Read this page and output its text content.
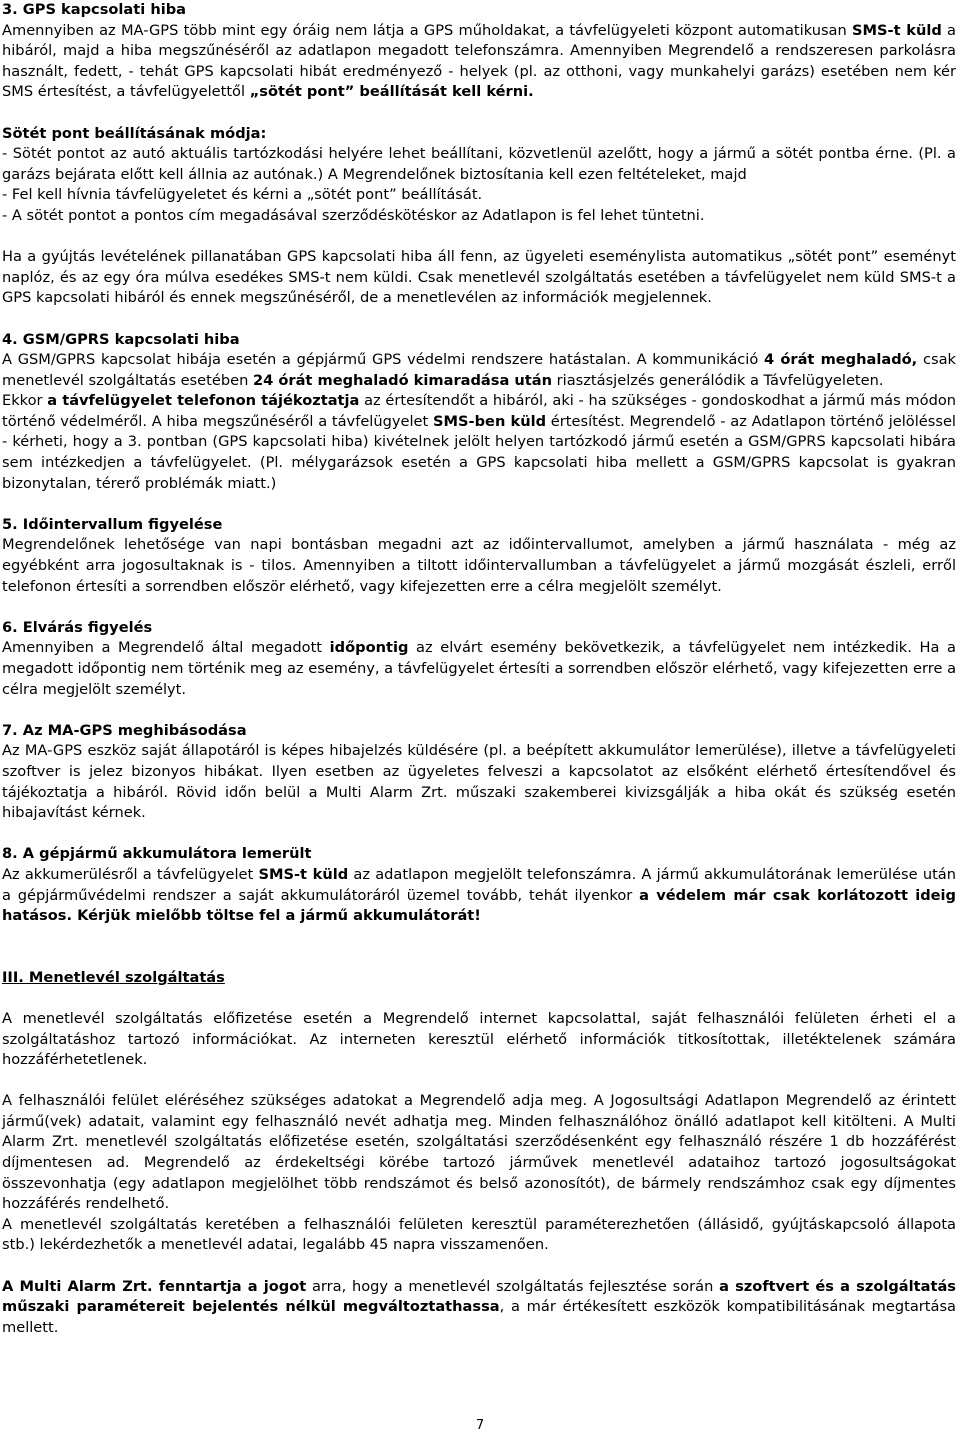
3. GPS kapcsolati hiba

Amennyiben az MA-GPS több mint egy óráig nem látja a GPS műholdakat, a távfelügyeleti központ automatikusan SMS-t küld a hibáról, majd a hiba megszűnéséről az adatlapon megadott telefonszámra. Amennyiben Megrendelő a rendszeresen parkolásra használt, fedett, - tehát GPS kapcsolati hibát eredményező - helyek (pl. az otthoni, vagy munkahelyi garázs) esetében nem kér SMS értesítést, a távfelügyelettől „sötét pont” beállítását kell kérni.

Sötét pont beállításának módja:

- Sötét pontot az autó aktuális tartózkodási helyére lehet beállítani, közvetlenül azelőtt, hogy a jármű a sötét pontba érne. (Pl. a garázs bejárata előtt kell állnia az autónak.) A Megrendelőnek biztosítania kell ezen feltételeket, majd

- Fel kell hívnia távfelügyeletet és kérni a „sötét pont” beállítását.

- A sötét pontot a pontos cím megadásával szerződéskötéskor az Adatlapon is fel lehet tüntetni.

Ha a gyújtás levételének pillanatában GPS kapcsolati hiba áll fenn, az ügyeleti eseménylista automatikus „sötét pont” eseményt naplóz, és az egy óra múlva esedékes SMS-t nem küldi. Csak menetlevél szolgáltatás esetében a távfelügyelet nem küld SMS-t a GPS kapcsolati hibáról és ennek megszűnéséről, de a menetlevélen az információk megjelennek.

4. GSM/GPRS kapcsolati hiba

A GSM/GPRS kapcsolat hibája esetén a gépjármű GPS védelmi rendszere hatástalan. A kommunikáció 4 órát meghaladó, csak menetlevél szolgáltatás esetében 24 órát meghaladó kimaradása után riasztásjelzés generálódik a Távfelügyeleten.

Ekkor a távfelügyelet telefonon tájékoztatja az értesítendőt a hibáról, aki - ha szükséges - gondoskodhat a jármű más módon történő védelméről. A hiba megszűnéséről a távfelügyelet SMS-ben küld értesítést. Megrendelő - az Adatlapon történő jelöléssel - kérheti, hogy a 3. pontban (GPS kapcsolati hiba) kivételnek jelölt helyen tartózkodó jármű esetén a GSM/GPRS kapcsolati hibára sem intézkedjen a távfelügyelet. (Pl. mélygarázsok esetén a GPS kapcsolati hiba mellett a GSM/GPRS kapcsolat is gyakran bizonytalan, térerő problémák miatt.)

5. Időintervallum figyelése

Megrendelőnek lehetősége van napi bontásban megadni azt az időintervallumot, amelyben a jármű használata - még az egyébként arra jogosultaknak is - tilos. Amennyiben a tiltott időintervallumban a távfelügyelet a jármű mozgását észleli, erről telefonon értesíti a sorrendben először elérhető, vagy kifejezetten erre a célra megjelölt személyt.

6. Elvárás figyelés

Amennyiben a Megrendelő által megadott időpontig az elvárt esemény bekövetkezik, a távfelügyelet nem intézkedik. Ha a megadott időpontig nem történik meg az esemény, a távfelügyelet értesíti a sorrendben először elérhető, vagy kifejezetten erre a célra megjelölt személyt.

7. Az MA-GPS meghibásodása

Az MA-GPS eszköz saját állapotáról is képes hibajelzés küldésére (pl. a beépített akkumulátor lemerülése), illetve a távfelügyeleti szoftver is jelez bizonyos hibákat. Ilyen esetben az ügyeletes felveszi a kapcsolatot az elsőként elérhető értesítendővel és tájékoztatja a hibáról. Rövid időn belül a Multi Alarm Zrt. műszaki szakemberei kivizsgálják a hiba okát és szükség esetén hibajavítást kérnek.

8. A gépjármű akkumulátora lemerült

Az akkumerülésről a távfelügyelet SMS-t küld az adatlapon megjelölt telefonszámra. A jármű akkumulátorának lemerülése után a gépjárművédelmi rendszer a saját akkumulátoráról üzemel tovább, tehát ilyenkor a védelem már csak korlátozott ideig hatásos. Kérjük mielőbb töltse fel a jármű akkumulátorát!

III. Menetlevél szolgáltatás

A menetlevél szolgáltatás előfizetése esetén a Megrendelő internet kapcsolattal, saját felhasználói felületen érheti el a szolgáltatáshoz tartozó információkat. Az interneten keresztül elérhető információk titkosítottak, illetéktelenek számára hozzáférhetetlenek.

A felhasználói felület eléréséhez szükséges adatokat a Megrendelő adja meg. A Jogosultsági Adatlapon Megrendelő az érintett jármű(vek) adatait, valamint egy felhasználó nevét adhatja meg. Minden felhasználóhoz önálló adatlapot kell kitölteni. A Multi Alarm Zrt. menetlevél szolgáltatás előfizetése esetén, szolgáltatási szerződésenként egy felhasználó részére 1 db hozzáférést díjmentesen ad. Megrendelő az érdekeltségi körébe tartozó járművek menetlevél adataihoz tartozó jogosultságokat összevonhatja (egy adatlapon megjelölhet több rendszámot és belső azonosítót), de bármely rendszámhoz csak egy díjmentes hozzáférés rendelhető.

A menetlevél szolgáltatás keretében a felhasználói felületen keresztül paraméterezhetően (állásidő, gyújtáskapcsoló állapota stb.) lekérdezhetők a menetlevél adatai, legalább 45 napra visszamenően.

A Multi Alarm Zrt. fenntartja a jogot arra, hogy a menetlevél szolgáltatás fejlesztése során a szoftvert és a szolgáltatás műszaki paramétereit bejelentés nélkül megváltoztathassa, a már értékesített eszközök kompatibilitásának megtartása mellett.

7
